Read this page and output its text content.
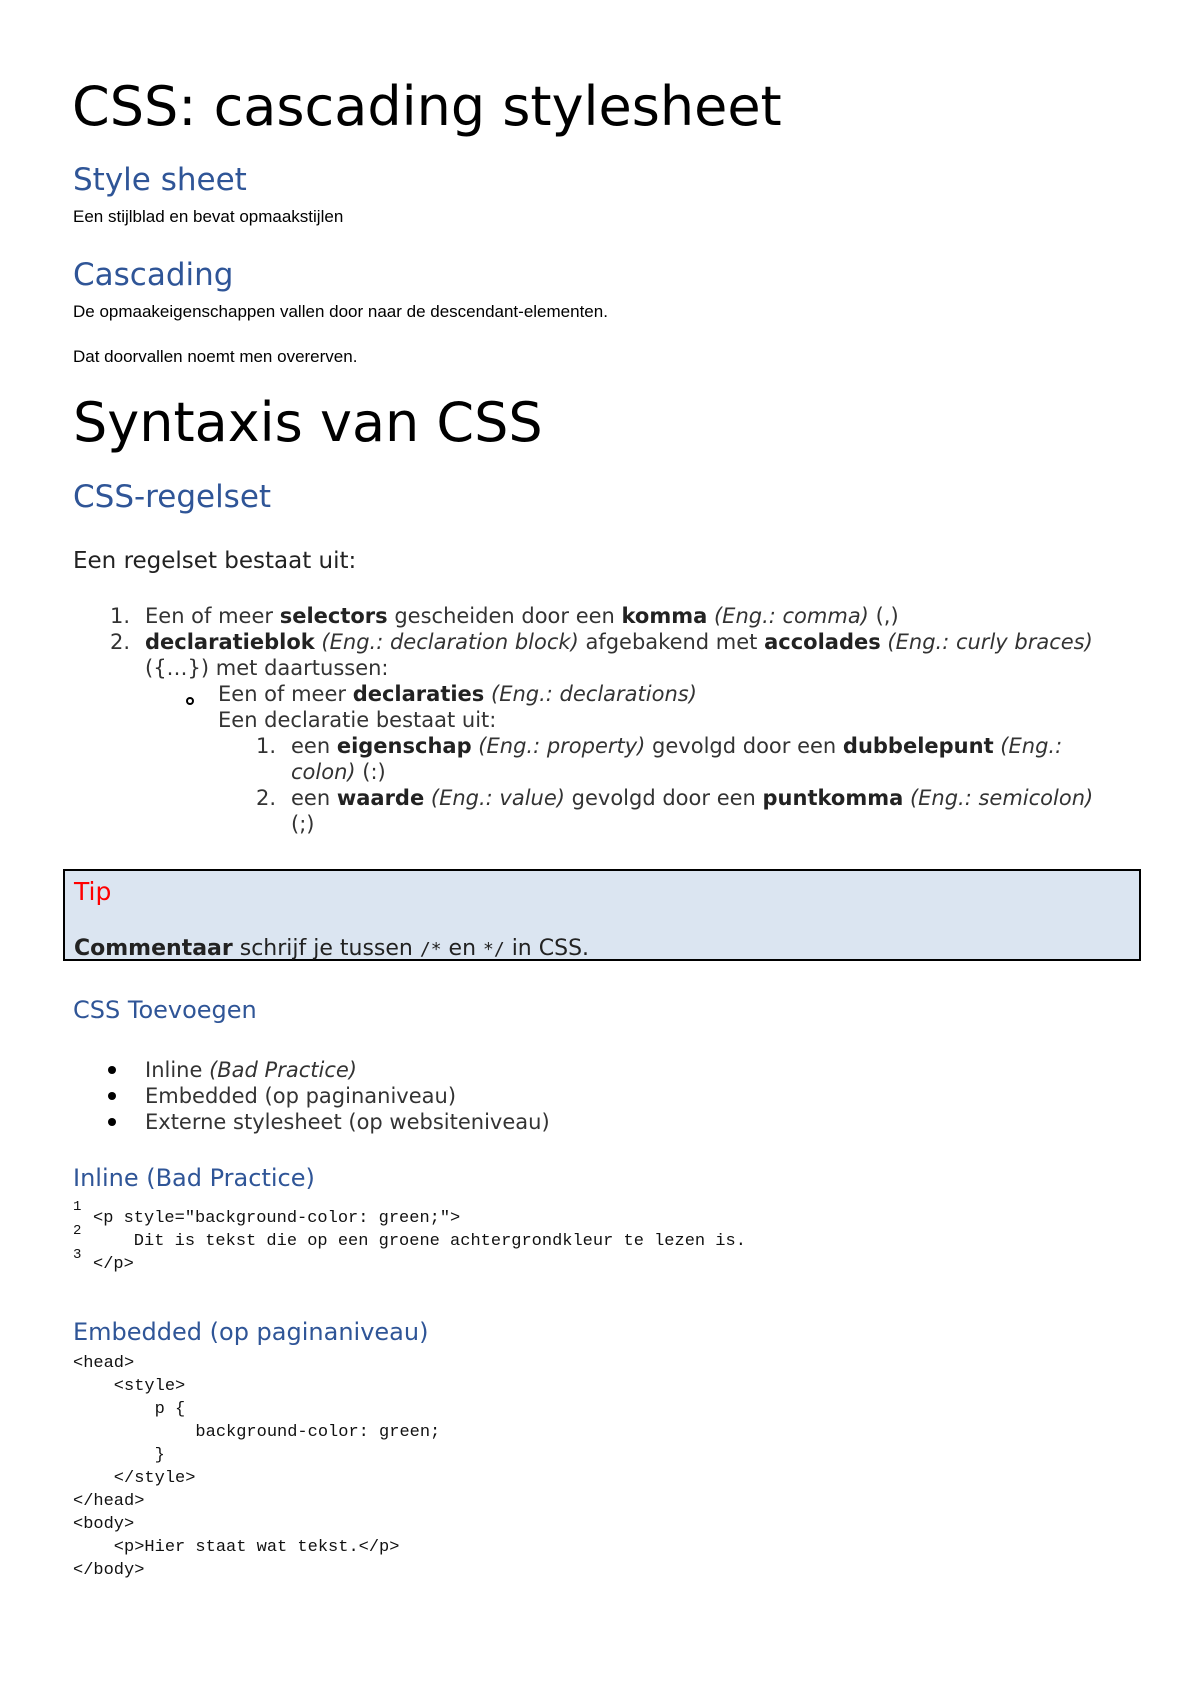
CSS: cascading stylesheet
Style sheet
Een stijlblad en bevat opmaakstijlen
Cascading
De opmaakeigenschappen vallen door naar de descendant-elementen.
Dat doorvallen noemt men overerven.
Syntaxis van CSS
CSS-regelset
Een regelset bestaat uit:
1. Een of meer selectors gescheiden door een komma (Eng.: comma) (,)
2. declaratieblok (Eng.: declaration block) afgebakend met accolades (Eng.: curly braces)
({…}) met daartussen:
Een of meer declaraties (Eng.: declarations)
Een declaratie bestaat uit:
1. een eigenschap (Eng.: property) gevolgd door een dubbelepunt (Eng.:
colon) (:)
2. een waarde (Eng.: value) gevolgd door een puntkomma (Eng.: semicolon)
(;)
Tip
Commentaar schrijf je tussen /* en */ in CSS.
CSS Toevoegen
Inline (Bad Practice)
Embedded (op paginaniveau)
Externe stylesheet (op websiteniveau)
Inline (Bad Practice)
1
2
3
<p style="background-color: green;">
Dit is tekst die op een groene achtergrondkleur te lezen is.
</p>
Embedded (op paginaniveau)
<head>
<style>
p {
background-color: green;
}
</style>
</head>
<body>
<p>Hier staat wat tekst.</p>
</body>
